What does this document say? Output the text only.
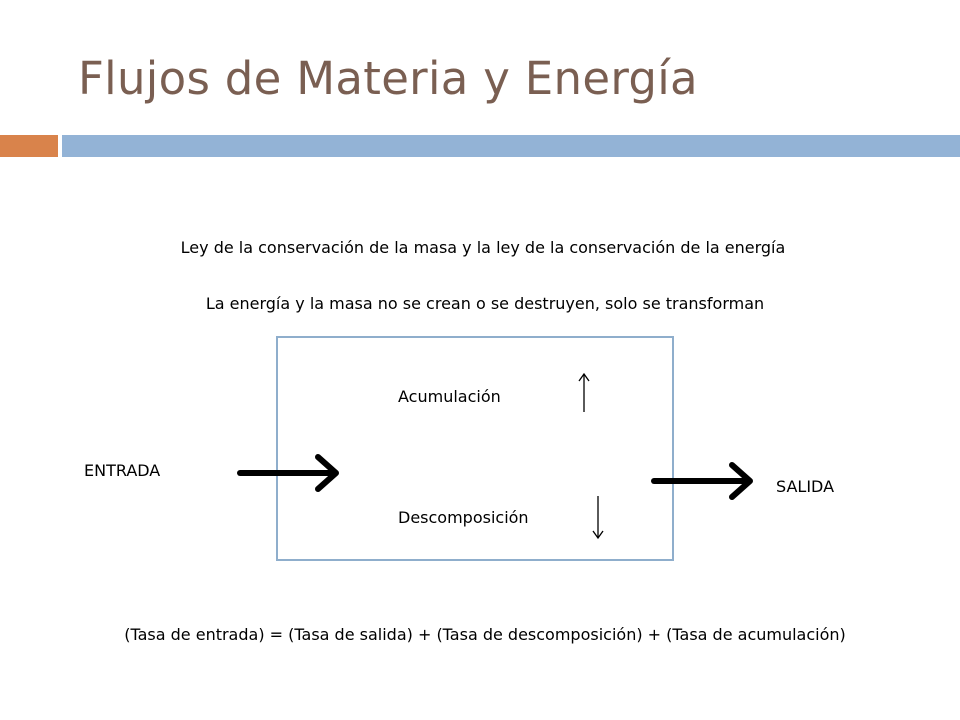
Flujos de Materia y Energía
Ley de la conservación de la masa y la ley de la conservación de la energía
La energía y la masa no se crean o se destruyen, solo se transforman
Acumulación
Descomposición
ENTRADA
SALIDA
(Tasa de entrada) = (Tasa de salida) + (Tasa de descomposición) + (Tasa de acumulación)
